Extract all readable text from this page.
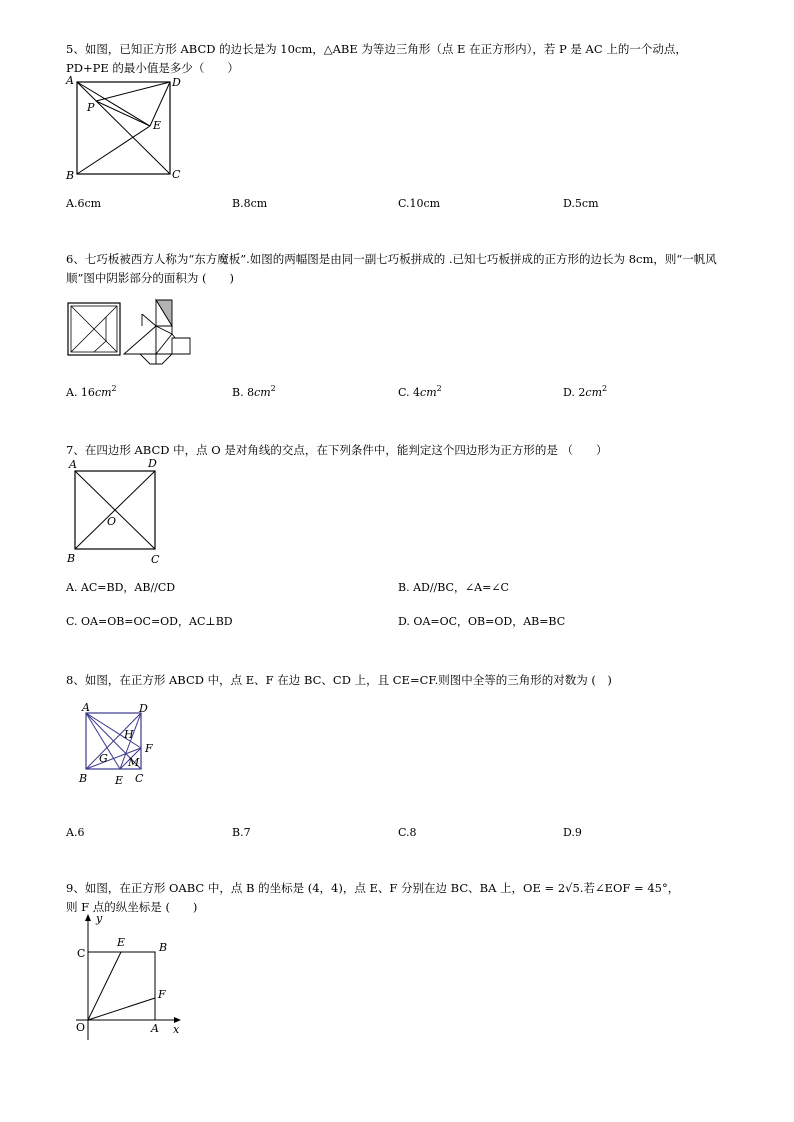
5、如图，已知正方形 ABCD 的边长是为 10cm，△ABE 为等边三角形（点 E 在正方形内），若 P 是 AC 上的一个动点，PD+PE 的最小值是多少（　　）
A	D
P
E
B	C
A.6cm	B.8cm	C.10cm	D.5cm
6、七巧板被西方人称为“东方魔板”.如图的两幅图是由同一副七巧板拼成的 .已知七巧板拼成的正方形的边长为 8cm，则“一帆风顺”图中阴影部分的面积为 (　　)
A. $16cm^2$	B. $8cm^2$	C. $4cm^2$	D. $2cm^2$
7、在四边形 ABCD 中，点 O 是对角线的交点，在下列条件中，能判定这个四边形为正方形的是 （　　）
A	D
O
B	C
A. AC=BD，AB//CD	B. AD//BC，∠A=∠C
C. OA=OB=OC=OD，AC⊥BD	D. OA=OC，OB=OD，AB=BC
8、如图，在正方形 ABCD 中，点 E、F 在边 BC、CD 上，且 CE=CF.则图中全等的三角形的对数为 (　)
A	D
H
F
G M
B	E C
A.6	B.7	C.8	D.9
9、如图，在正方形 OABC 中，点 B 的坐标是 (4，4)，点 E、F 分别在边 BC、BA 上，OE = 2√5.若∠EOF = 45°，
则 F 点的纵坐标是 (　　)
y
C
E	B
F
O	A x
